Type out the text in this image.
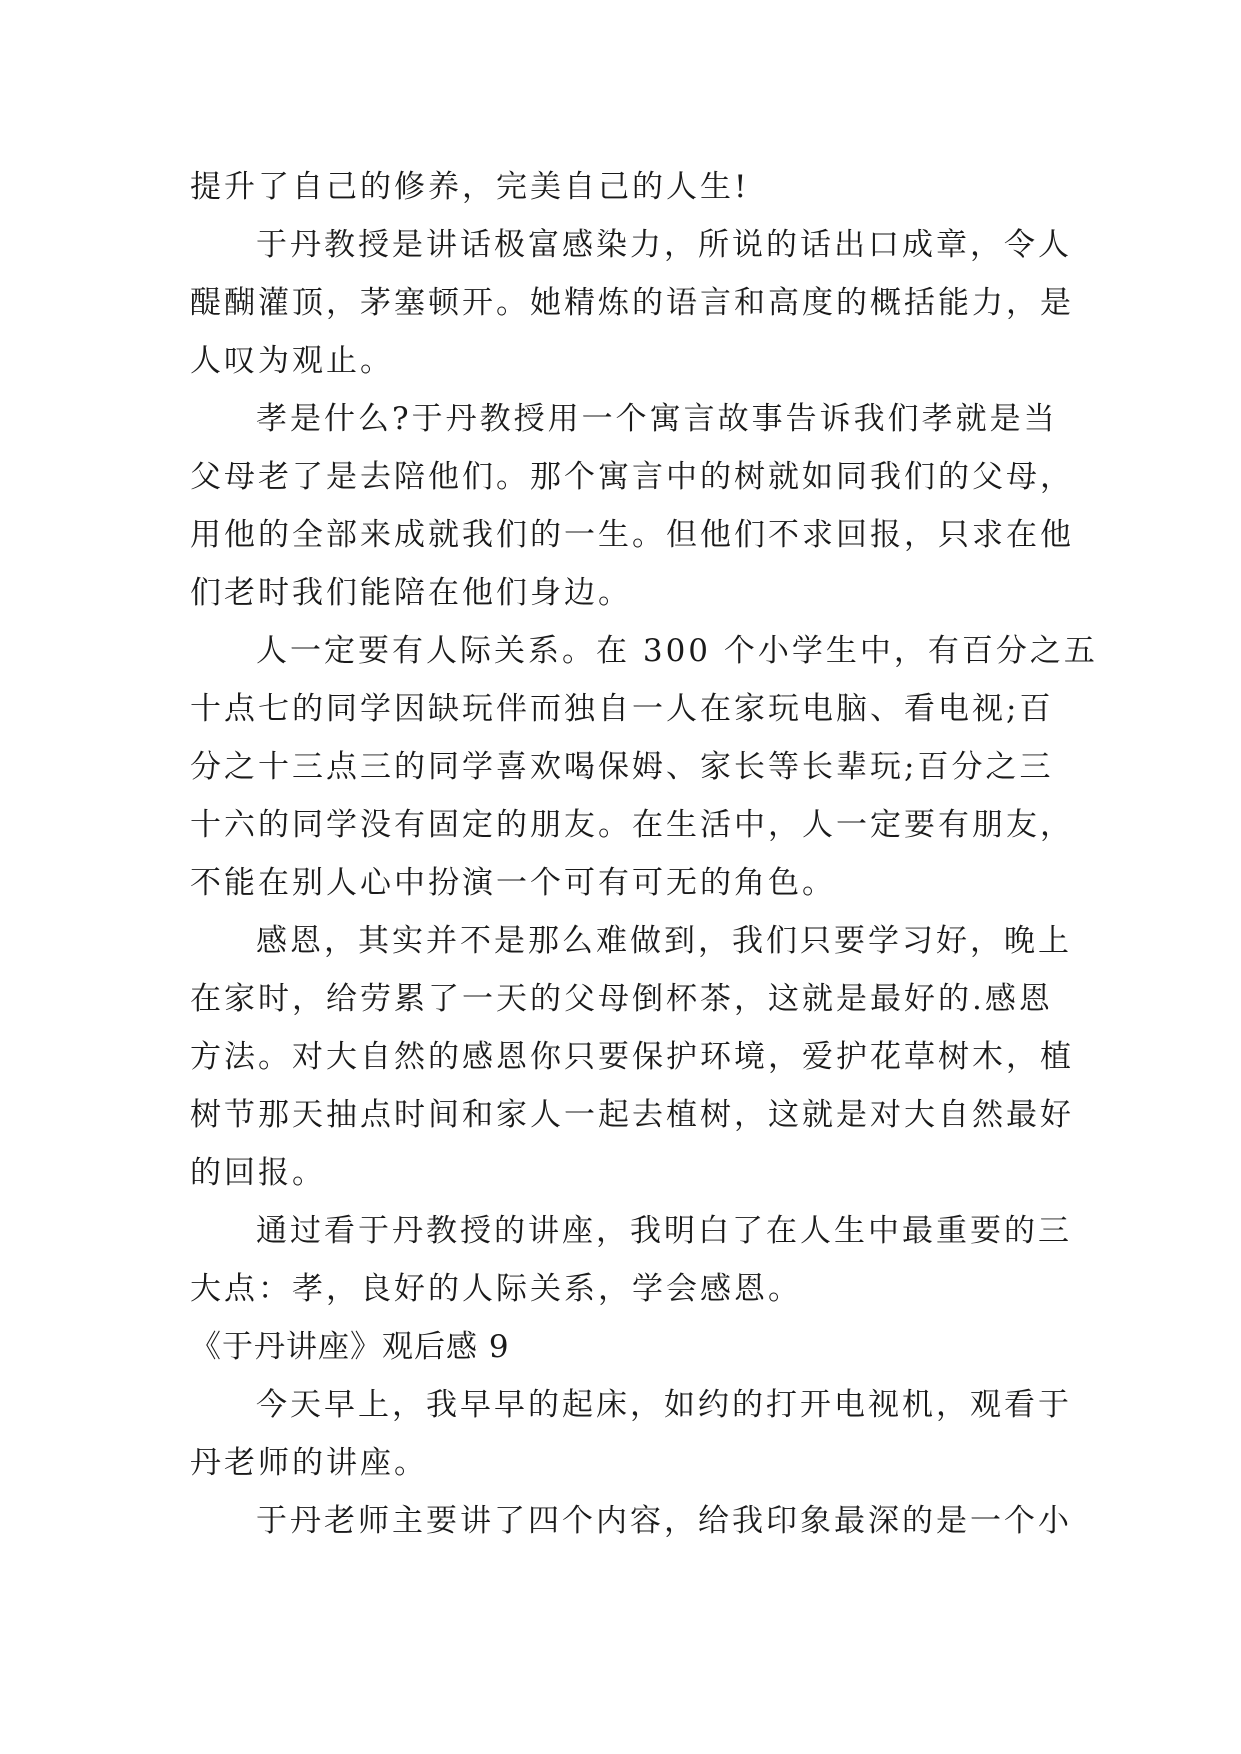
提升了自己的修养，完美自己的人生!
于丹教授是讲话极富感染力，所说的话出口成章，令人
醍醐灌顶，茅塞顿开。她精炼的语言和高度的概括能力，是
人叹为观止。
孝是什么?于丹教授用一个寓言故事告诉我们孝就是当
父母老了是去陪他们。那个寓言中的树就如同我们的父母，
用他的全部来成就我们的一生。但他们不求回报，只求在他
们老时我们能陪在他们身边。
人一定要有人际关系。在 300 个小学生中，有百分之五
十点七的同学因缺玩伴而独自一人在家玩电脑、看电视;百
分之十三点三的同学喜欢喝保姆、家长等长辈玩;百分之三
十六的同学没有固定的朋友。在生活中，人一定要有朋友，
不能在别人心中扮演一个可有可无的角色。
感恩，其实并不是那么难做到，我们只要学习好，晚上
在家时，给劳累了一天的父母倒杯茶，这就是最好的.感恩
方法。对大自然的感恩你只要保护环境，爱护花草树木，植
树节那天抽点时间和家人一起去植树，这就是对大自然最好
的回报。
通过看于丹教授的讲座，我明白了在人生中最重要的三
大点：孝，良好的人际关系，学会感恩。
《于丹讲座》观后感 9
今天早上，我早早的起床，如约的打开电视机，观看于
丹老师的讲座。
于丹老师主要讲了四个内容，给我印象最深的是一个小
